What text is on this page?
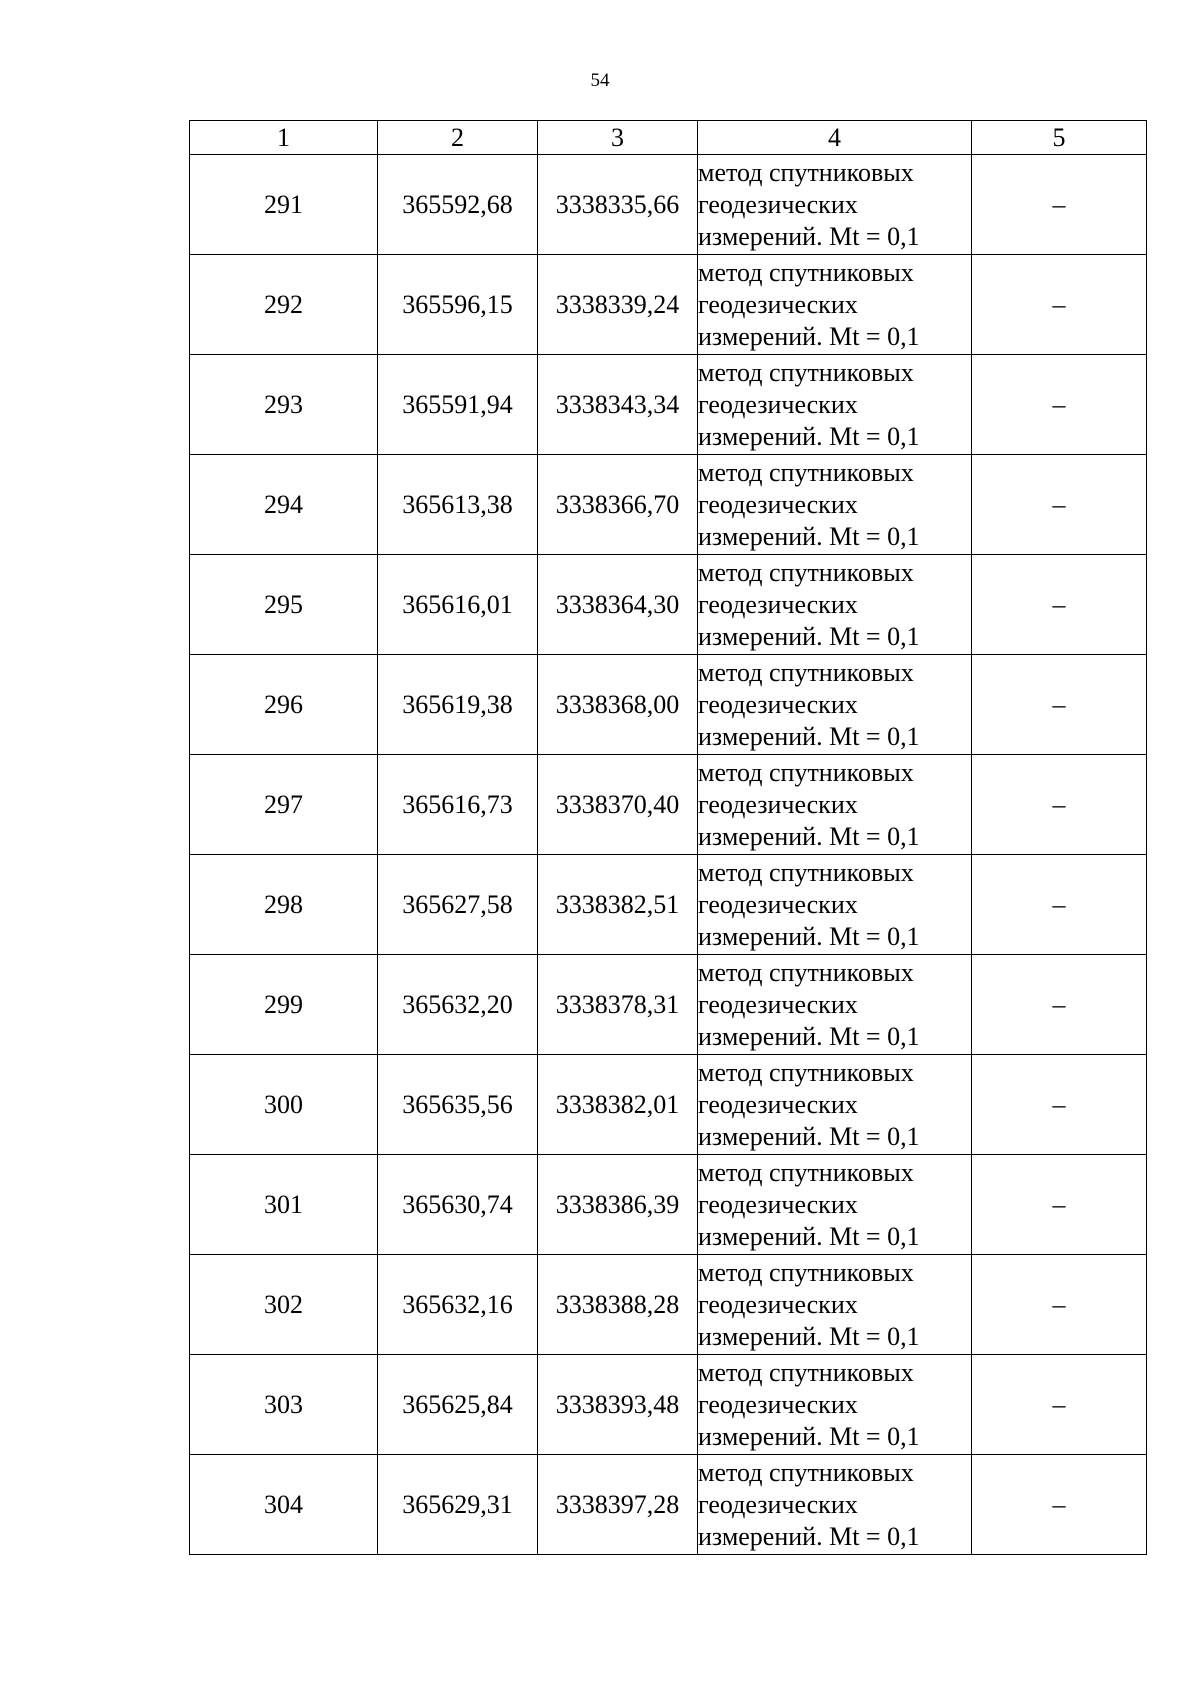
54
1	2	3	4	5
291	365592,68	3338335,66	метод спутниковых
геодезических
измерений. Mt = 0,1	–
292	365596,15	3338339,24	метод спутниковых
геодезических
измерений. Mt = 0,1	–
293	365591,94	3338343,34	метод спутниковых
геодезических
измерений. Mt = 0,1	–
294	365613,38	3338366,70	метод спутниковых
геодезических
измерений. Mt = 0,1	–
295	365616,01	3338364,30	метод спутниковых
геодезических
измерений. Mt = 0,1	–
296	365619,38	3338368,00	метод спутниковых
геодезических
измерений. Mt = 0,1	–
297	365616,73	3338370,40	метод спутниковых
геодезических
измерений. Mt = 0,1	–
298	365627,58	3338382,51	метод спутниковых
геодезических
измерений. Mt = 0,1	–
299	365632,20	3338378,31	метод спутниковых
геодезических
измерений. Mt = 0,1	–
300	365635,56	3338382,01	метод спутниковых
геодезических
измерений. Mt = 0,1	–
301	365630,74	3338386,39	метод спутниковых
геодезических
измерений. Mt = 0,1	–
302	365632,16	3338388,28	метод спутниковых
геодезических
измерений. Mt = 0,1	–
303	365625,84	3338393,48	метод спутниковых
геодезических
измерений. Mt = 0,1	–
304	365629,31	3338397,28	метод спутниковых
геодезических
измерений. Mt = 0,1	–
